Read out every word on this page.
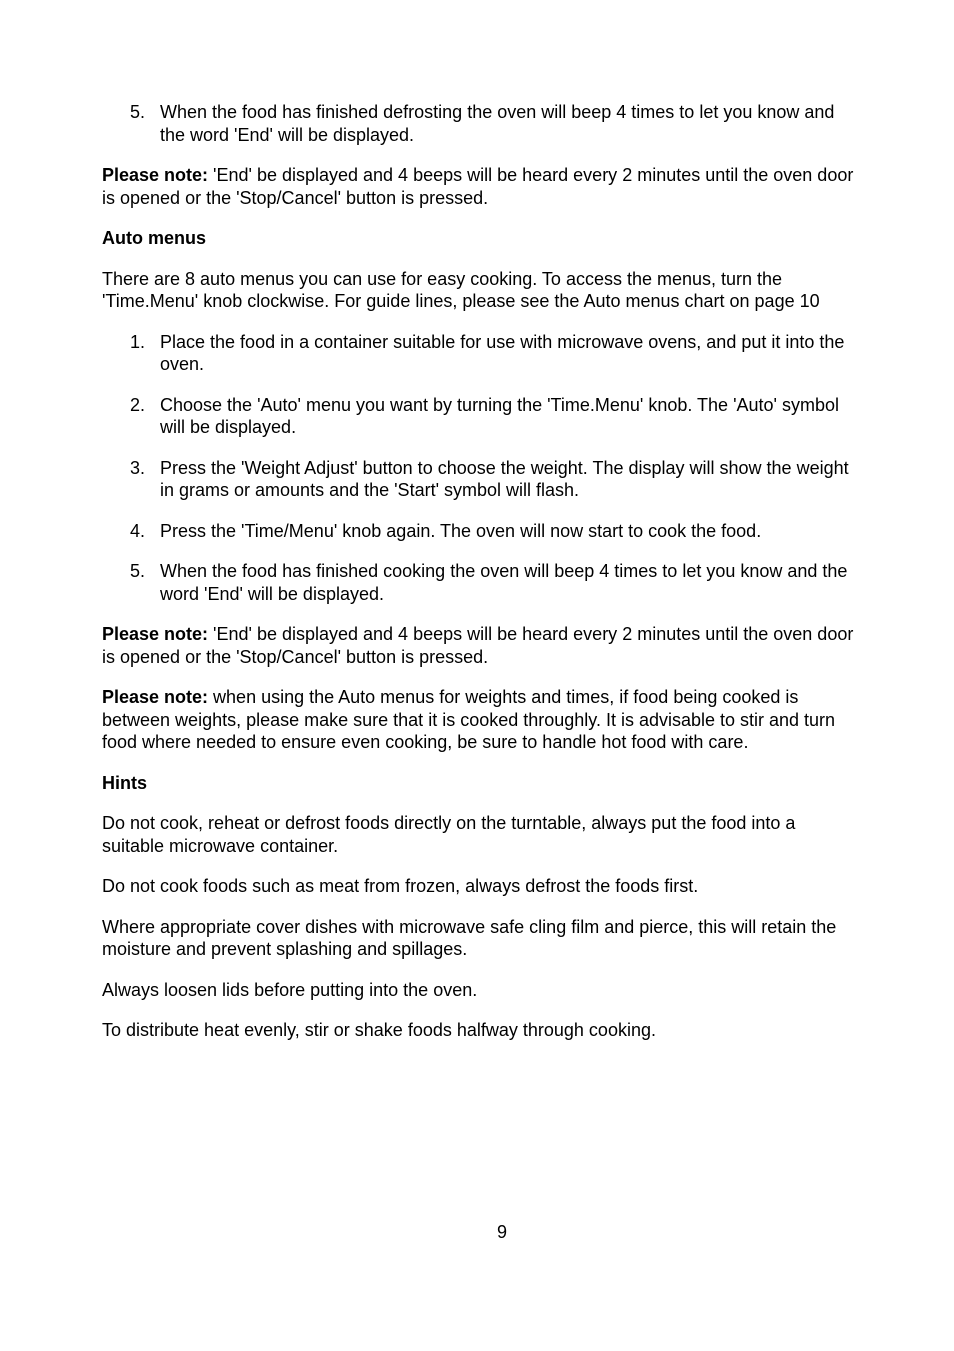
5. When the food has finished defrosting the oven will beep 4 times to let you know and the word 'End' will be displayed.

Please note: 'End' be displayed and 4 beeps will be heard every 2 minutes until the oven door is opened or the 'Stop/Cancel' button is pressed.

Auto menus

There are 8 auto menus you can use for easy cooking. To access the menus, turn the 'Time.Menu' knob clockwise. For guide lines, please see the Auto menus chart on page 10

1. Place the food in a container suitable for use with microwave ovens, and put it into the oven.
2. Choose the 'Auto' menu you want by turning the 'Time.Menu' knob. The 'Auto' symbol will be displayed.
3. Press the 'Weight Adjust' button to choose the weight. The display will show the weight in grams or amounts and the 'Start' symbol will flash.
4. Press the 'Time/Menu' knob again. The oven will now start to cook the food.
5. When the food has finished cooking the oven will beep 4 times to let you know and the word 'End' will be displayed.

Please note: 'End' be displayed and 4 beeps will be heard every 2 minutes until the oven door is opened or the 'Stop/Cancel' button is pressed.

Please note: when using the Auto menus for weights and times, if food being cooked is between weights, please make sure that it is cooked throughly. It is advisable to stir and turn food where needed to ensure even cooking, be sure to handle hot food with care.

Hints

Do not cook, reheat or defrost foods directly on the turntable, always put the food into a suitable microwave container.

Do not cook foods such as meat from frozen, always defrost the foods first.

Where appropriate cover dishes with microwave safe cling film and pierce, this will retain the moisture and prevent splashing and spillages.

Always loosen lids before putting into the oven.

To distribute heat evenly, stir or shake foods halfway through cooking.

9
